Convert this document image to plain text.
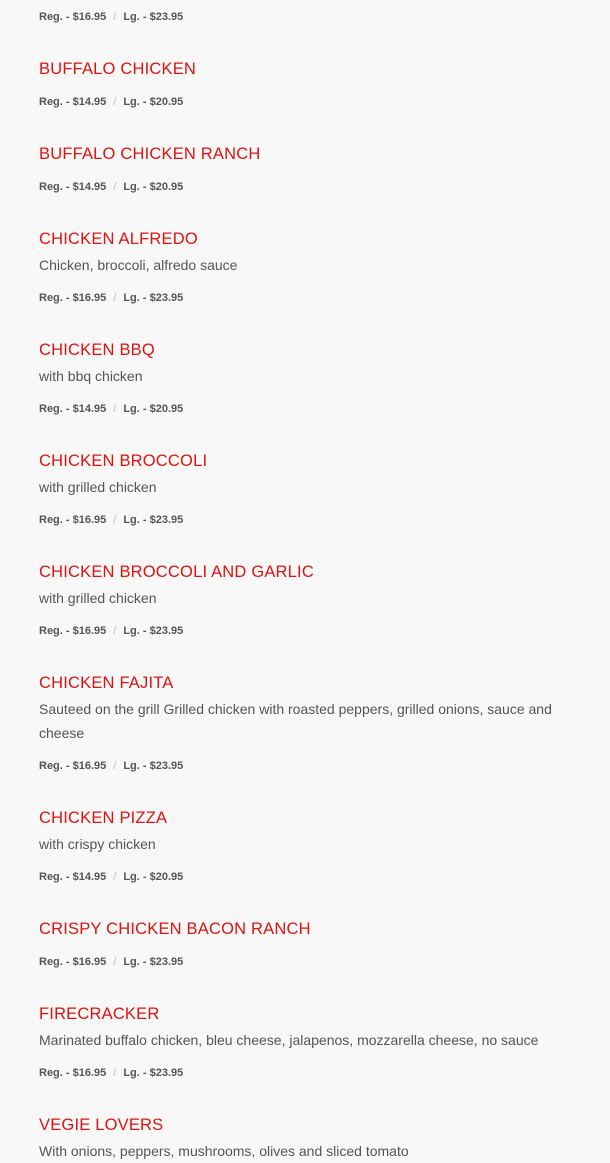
Reg. - $16.95 / Lg. - $23.95

BUFFALO CHICKEN

Reg. - $14.95 / Lg. - $20.95

BUFFALO CHICKEN RANCH

Reg. - $14.95 / Lg. - $20.95

CHICKEN ALFREDO

Chicken, broccoli, alfredo sauce

Reg. - $16.95 / Lg. - $23.95

CHICKEN BBQ

with bbq chicken

Reg. - $14.95 / Lg. - $20.95

CHICKEN BROCCOLI

with grilled chicken

Reg. - $16.95 / Lg. - $23.95

CHICKEN BROCCOLI AND GARLIC

with grilled chicken

Reg. - $16.95 / Lg. - $23.95

CHICKEN FAJITA

Sauteed on the grill Grilled chicken with roasted peppers, grilled onions, sauce and cheese

Reg. - $16.95 / Lg. - $23.95

CHICKEN PIZZA

with crispy chicken

Reg. - $14.95 / Lg. - $20.95

CRISPY CHICKEN BACON RANCH

Reg. - $16.95 / Lg. - $23.95

FIRECRACKER

Marinated buffalo chicken, bleu cheese, jalapenos, mozzarella cheese, no sauce

Reg. - $16.95 / Lg. - $23.95

VEGIE LOVERS

With onions, peppers, mushrooms, olives and sliced tomato
